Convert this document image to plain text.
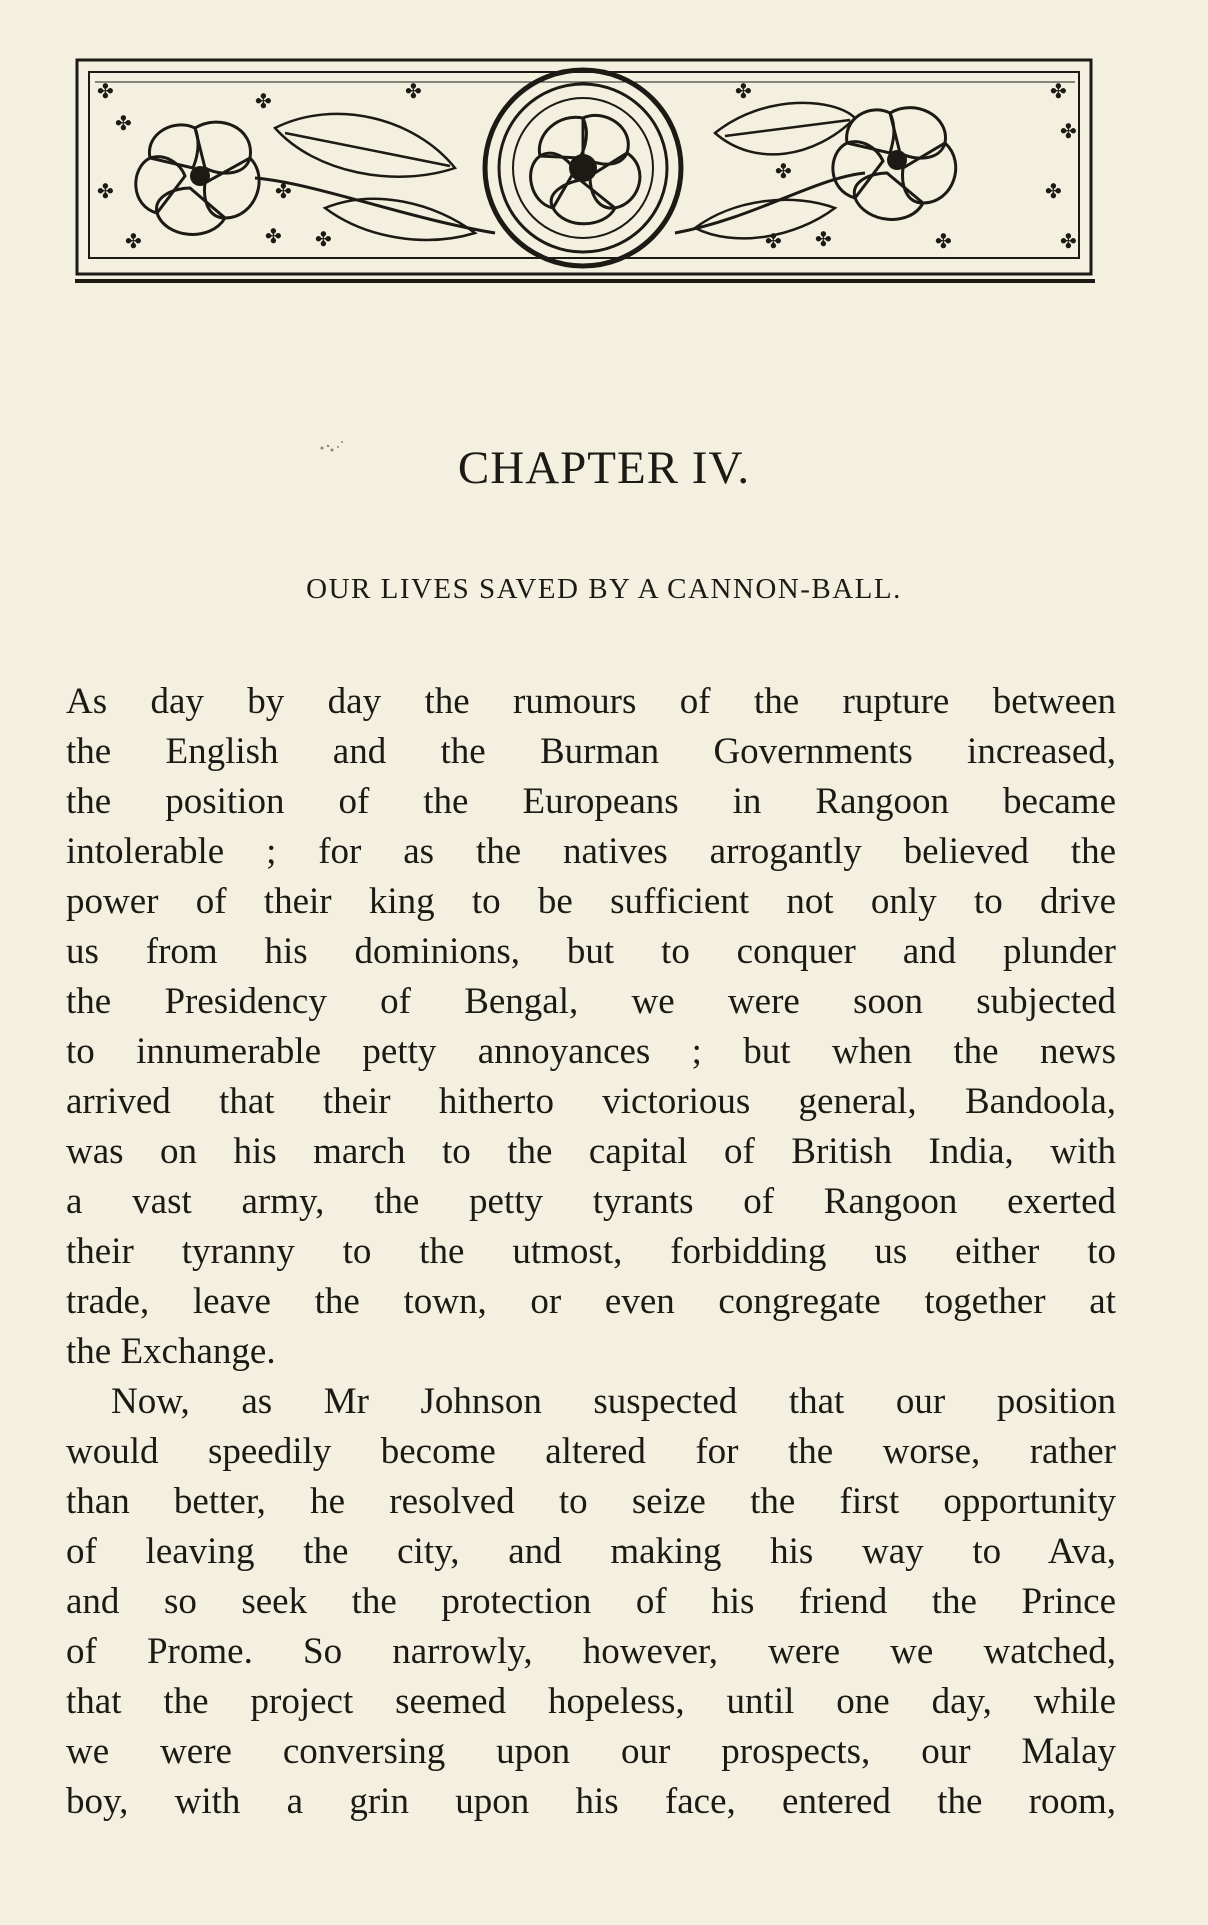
✤
✤
✤
✤
✤
✤
✤ ✤
✤	✤
✤
✤ ✤	✤
✤
✤
✤
✤
CHAPTER IV.
OUR LIVES SAVED BY A CANNON-BALL.
As day by day the rumours of the rupture between
the English and the Burman Governments increased,
the position of the Europeans in Rangoon became
intolerable ; for as the natives arrogantly believed the
power of their king to be sufficient not only to drive
us from his dominions, but to conquer and plunder
the Presidency of Bengal, we were soon subjected
to innumerable petty annoyances ; but when the news
arrived that their hitherto victorious general, Bandoola,
was on his march to the capital of British India, with
a vast army, the petty tyrants of Rangoon exerted
their tyranny to the utmost, forbidding us either to
trade, leave the town, or even congregate together at
the Exchange.
Now, as Mr Johnson suspected that our position
would speedily become altered for the worse, rather
than better, he resolved to seize the first opportunity
of leaving the city, and making his way to Ava,
and so seek the protection of his friend the Prince
of Prome. So narrowly, however, were we watched,
that the project seemed hopeless, until one day, while
we were conversing upon our prospects, our Malay
boy, with a grin upon his face, entered the room,
